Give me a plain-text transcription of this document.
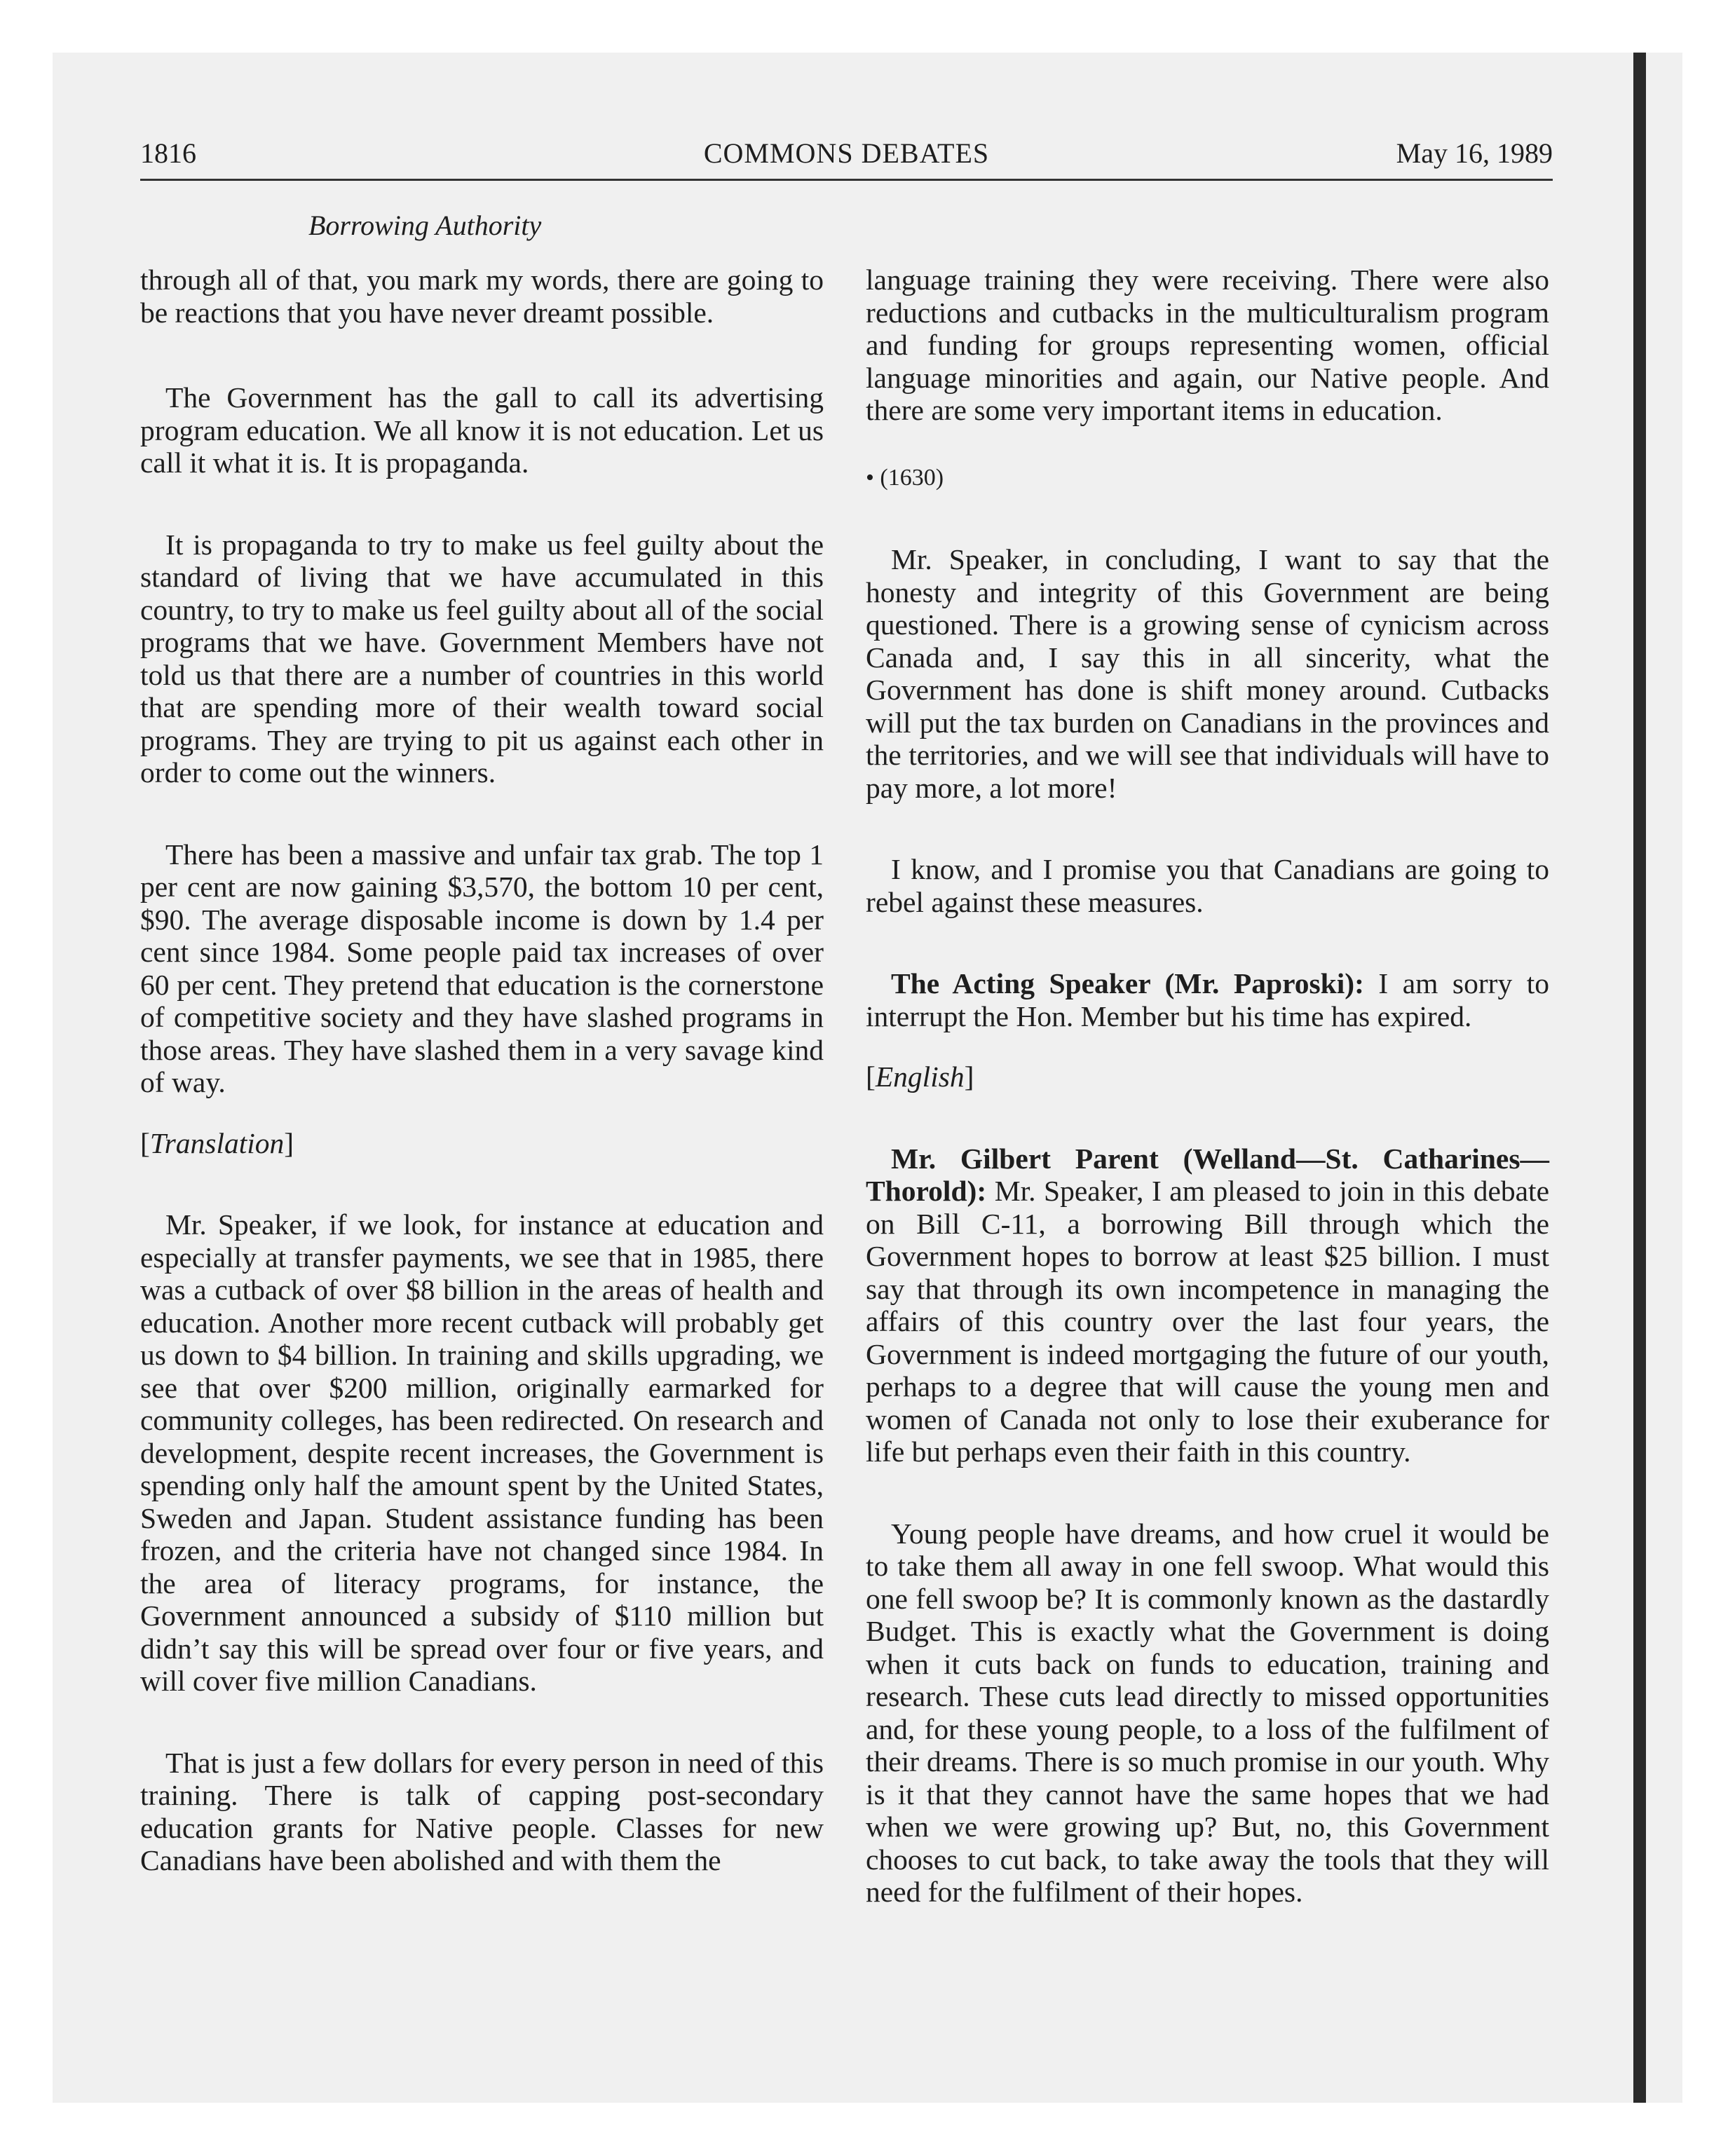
1816	COMMONS DEBATES	May 16, 1989
Borrowing Authority

through all of that, you mark my words, there are going to be reactions that you have never dreamt possible.

The Government has the gall to call its advertising program education. We all know it is not education. Let us call it what it is. It is propaganda.

It is propaganda to try to make us feel guilty about the standard of living that we have accumulated in this country, to try to make us feel guilty about all of the social programs that we have. Government Members have not told us that there are a number of countries in this world that are spending more of their wealth toward social programs. They are trying to pit us against each other in order to come out the winners.

There has been a massive and unfair tax grab. The top 1 per cent are now gaining $3,570, the bottom 10 per cent, $90. The average disposable income is down by 1.4 per cent since 1984. Some people paid tax increases of over 60 per cent. They pretend that education is the cornerstone of competitive society and they have slashed programs in those areas. They have slashed them in a very savage kind of way.

[Translation]

Mr. Speaker, if we look, for instance at education and especially at transfer payments, we see that in 1985, there was a cutback of over $8 billion in the areas of health and education. Another more recent cutback will probably get us down to $4 billion. In training and skills upgrading, we see that over $200 million, originally earmarked for community colleges, has been redirected. On research and development, despite recent increases, the Government is spending only half the amount spent by the United States, Sweden and Japan. Student assistance funding has been frozen, and the criteria have not changed since 1984. In the area of literacy programs, for instance, the Government announced a subsidy of $110 million but didn’t say this will be spread over four or five years, and will cover five million Canadians.

That is just a few dollars for every person in need of this training. There is talk of capping post-secondary education grants for Native people. Classes for new Canadians have been abolished and with them the

language training they were receiving. There were also reductions and cutbacks in the multiculturalism program and funding for groups representing women, official language minorities and again, our Native people. And there are some very important items in education.

• (1630)

Mr. Speaker, in concluding, I want to say that the honesty and integrity of this Government are being questioned. There is a growing sense of cynicism across Canada and, I say this in all sincerity, what the Government has done is shift money around. Cutbacks will put the tax burden on Canadians in the provinces and the territories, and we will see that individuals will have to pay more, a lot more!

I know, and I promise you that Canadians are going to rebel against these measures.

The Acting Speaker (Mr. Paproski): I am sorry to interrupt the Hon. Member but his time has expired.

[English]

Mr. Gilbert Parent (Welland—St. Catharines—Thorold): Mr. Speaker, I am pleased to join in this debate on Bill C-11, a borrowing Bill through which the Government hopes to borrow at least $25 billion. I must say that through its own incompetence in managing the affairs of this country over the last four years, the Government is indeed mortgaging the future of our youth, perhaps to a degree that will cause the young men and women of Canada not only to lose their exuberance for life but perhaps even their faith in this country.

Young people have dreams, and how cruel it would be to take them all away in one fell swoop. What would this one fell swoop be? It is commonly known as the dastardly Budget. This is exactly what the Government is doing when it cuts back on funds to education, training and research. These cuts lead directly to missed opportunities and, for these young people, to a loss of the fulfilment of their dreams. There is so much promise in our youth. Why is it that they cannot have the same hopes that we had when we were growing up? But, no, this Government chooses to cut back, to take away the tools that they will need for the fulfilment of their hopes.
